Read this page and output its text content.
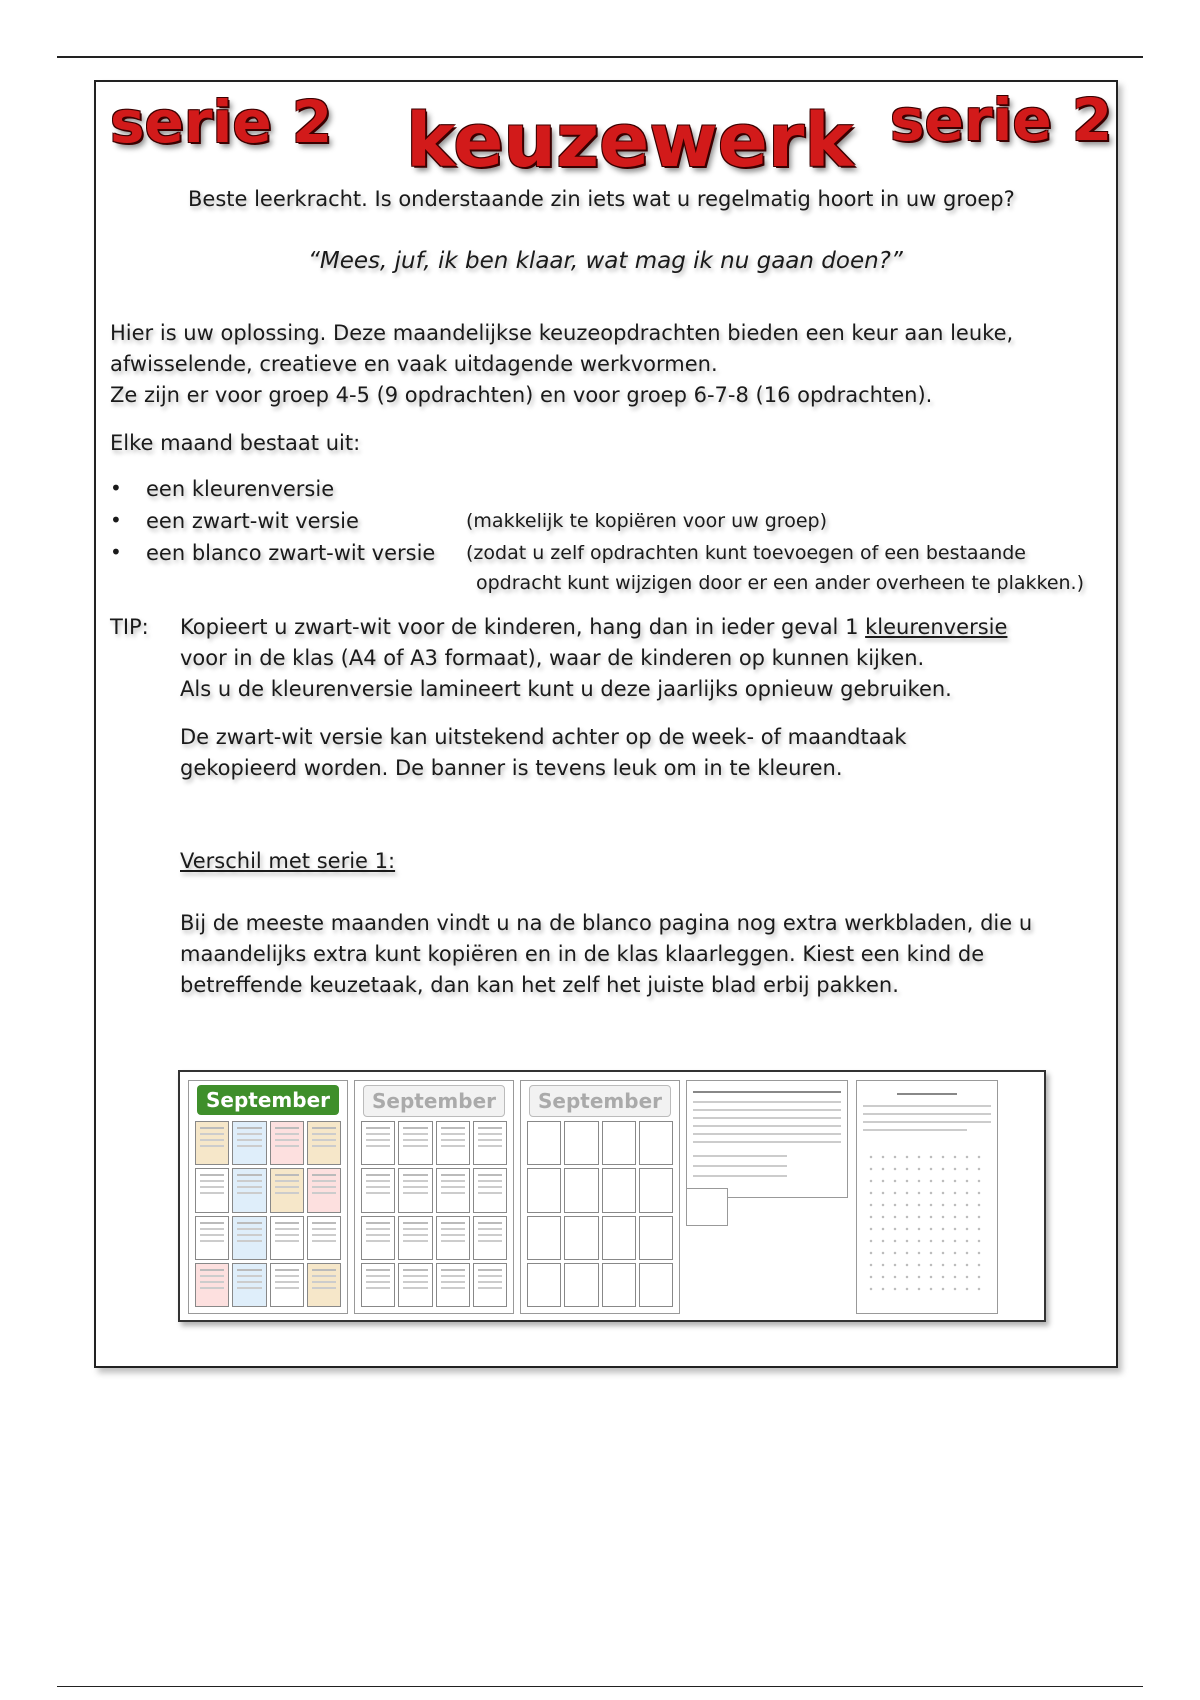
serie 2 keuzewerk serie 2
Beste leerkracht. Is onderstaande zin iets wat u regelmatig hoort in uw groep?
“Mees, juf, ik ben klaar, wat mag ik nu gaan doen?”
Hier is uw oplossing. Deze maandelijkse keuzeopdrachten bieden een keur aan leuke,
afwisselende, creatieve en vaak uitdagende werkvormen.
Ze zijn er voor groep 4-5 (9 opdrachten) en voor groep 6-7-8 (16 opdrachten).
Elke maand bestaat uit:
• een kleurenversie
• een zwart-wit versie	(makkelijk te kopiëren voor uw groep)
• een blanco zwart-wit versie (zodat u zelf opdrachten kunt toevoegen of een bestaande
opdracht kunt wijzigen door er een ander overheen te plakken.)
TIP: Kopieert u zwart-wit voor de kinderen, hang dan in ieder geval 1 kleurenversie
voor in de klas (A4 of A3 formaat), waar de kinderen op kunnen kijken.
Als u de kleurenversie lamineert kunt u deze jaarlijks opnieuw gebruiken.
De zwart-wit versie kan uitstekend achter op de week- of maandtaak
gekopieerd worden. De banner is tevens leuk om in te kleuren.
Verschil met serie 1:
Bij de meeste maanden vindt u na de blanco pagina nog extra werkbladen, die u
maandelijks extra kunt kopiëren en in de klas klaarleggen. Kiest een kind de
betreffende keuzetaak, dan kan het zelf het juiste blad erbij pakken.
September	September	September
